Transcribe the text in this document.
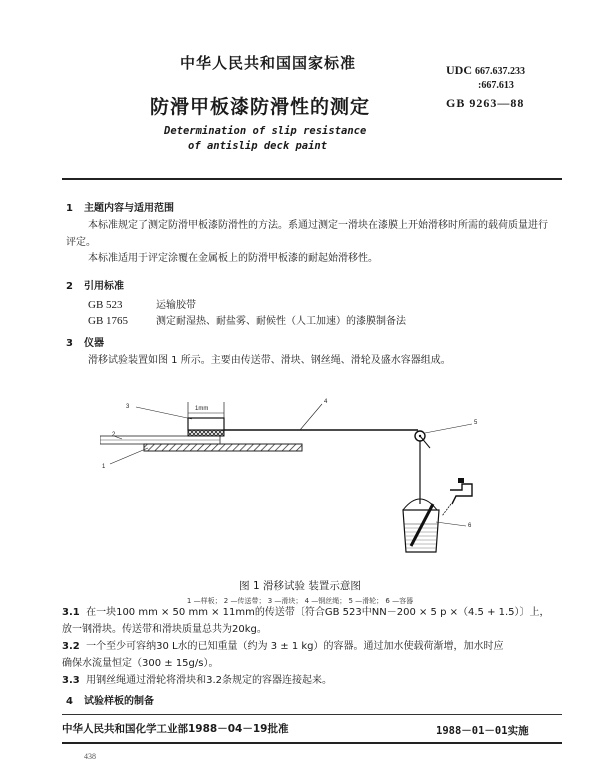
中华人民共和国国家标准	UDC 667.637.233
:667.613
防滑甲板漆防滑性的测定	GB 9263—88
Determination of slip resistance
of antislip deck paint
1 主题内容与适用范围
本标准规定了测定防滑甲板漆防滑性的方法。系通过测定一滑块在漆膜上开始滑移时所需的载荷质量进行评定。
本标准适用于评定涂覆在金属板上的防滑甲板漆的耐起始滑移性。
2 引用标准
GB 523	运输胶带
GB 1765	测定耐湿热、耐盐雾、耐候性（人工加速）的漆膜制备法
3 仪器
滑移试验装置如图 1 所示。主要由传送带、滑块、钢丝绳、滑轮及盛水容器组成。
1mm
3
2
1
4
5
6
图 1 滑移试验 装置示意图
1 —样板； 2 —传送带； 3 —滑块； 4 —钢丝绳； 5 —滑轮； 6 —容器
3.1 在一块100 mm × 50 mm × 11mm的传送带〔符合GB 523中NN－200 × 5 p ×（4.5 + 1.5）〕上，
放一钢滑块。传送带和滑块质量总共为20kg。
3.2 一个至少可容纳30 L水的已知重量（约为 3 ± 1 kg）的容器。通过加水使载荷渐增，加水时应
确保水流量恒定（300 ± 15g/s）。
3.3 用钢丝绳通过滑轮将滑块和3.2条规定的容器连接起来。
4 试验样板的制备
中华人民共和国化学工业部1988－04－19批准	1988－01－01实施
438
